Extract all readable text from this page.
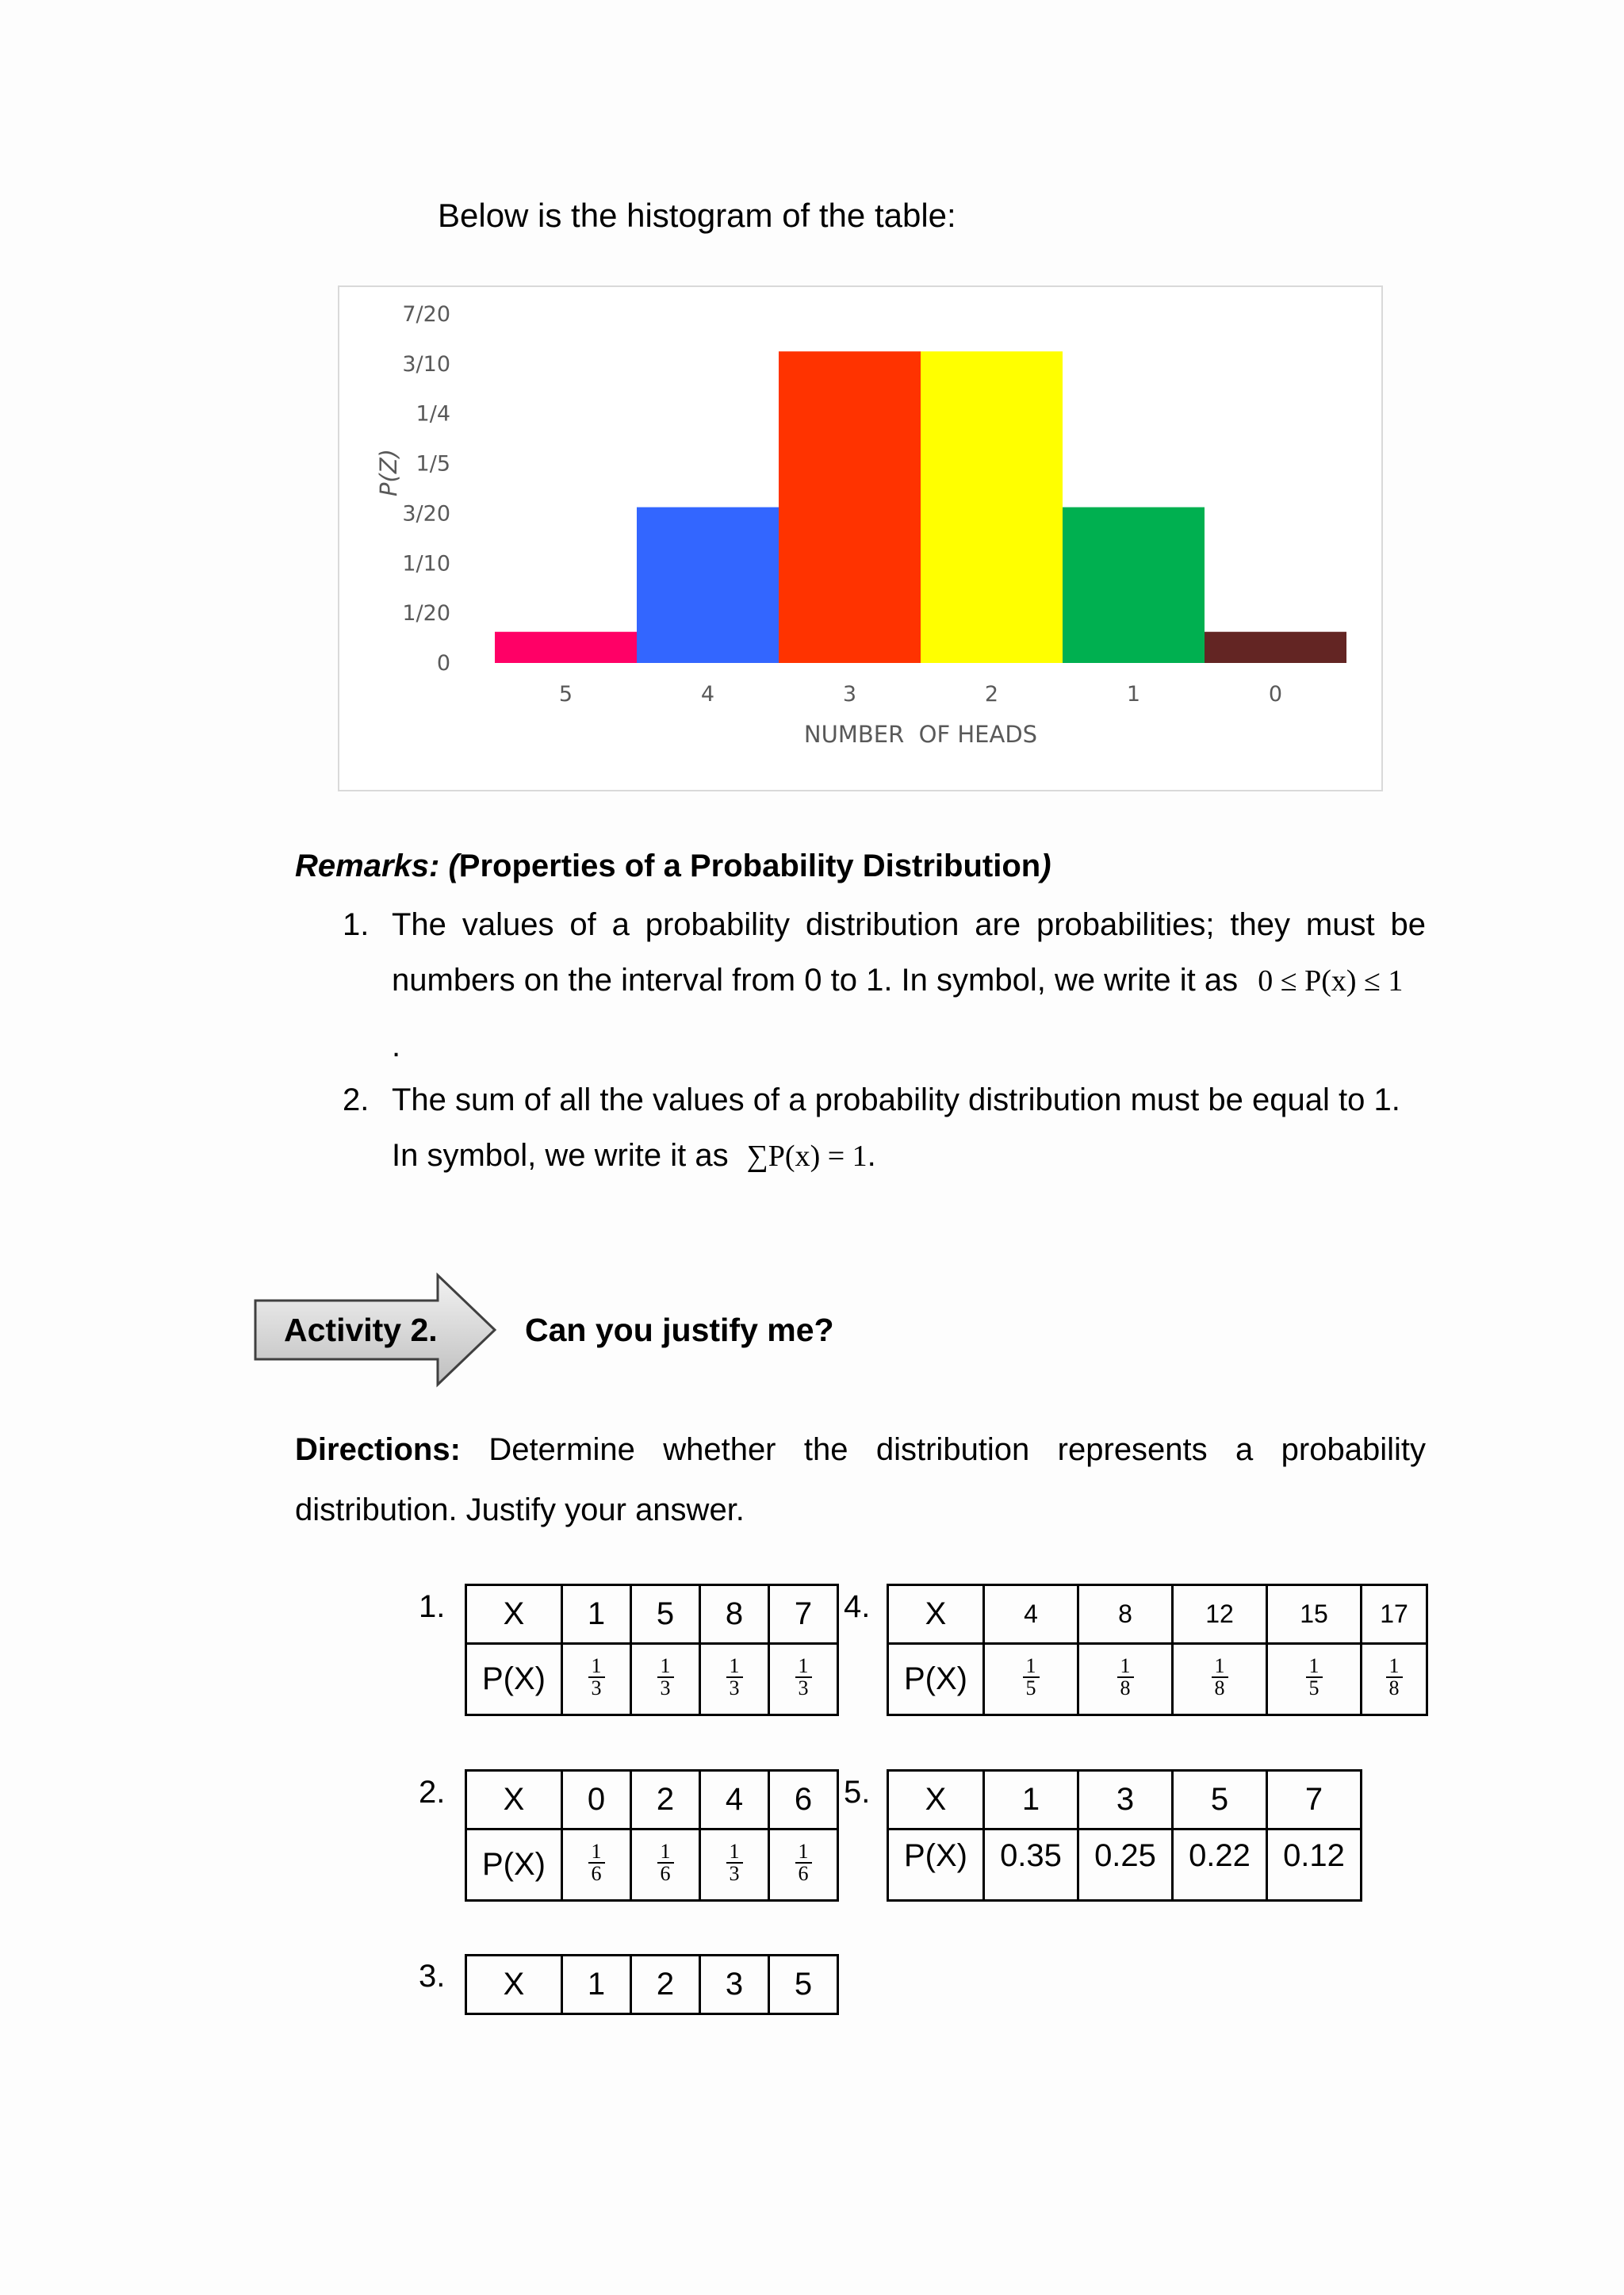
Below is the histogram of the table:
0
1/20
1/10
3/20
1/5
1/4
3/10
7/20
5	4	3	2	1	0
NUMBER  OF HEADS
P(Z)
Remarks: (Properties of a Probability Distribution)
1. The values of a probability distribution are probabilities; they must be
numbers on the interval from 0 to 1. In symbol, we write it as 0 ≤ P(x) ≤ 1
.
2. The sum of all the values of a probability distribution must be equal to 1.
In symbol, we write it as ∑P(x) = 1.
Activity 2.	Can you justify me?
Directions: Determine whether the distribution represents a probability distribution. Justify your answer.
1. X	1	5	8	7
P(X)	$\frac{1}{3}$	$\frac{1}{3}$	$\frac{1}{3}$	$\frac{1}{3}$
4. X	4	8	12	15	17
P(X)	$\frac{1}{5}$	$\frac{1}{8}$	$\frac{1}{8}$	$\frac{1}{5}$	$\frac{1}{8}$
2. X	0	2	4	6
P(X)	$\frac{1}{6}$	$\frac{1}{6}$	$\frac{1}{3}$	$\frac{1}{6}$
5. X	1	3	5	7
P(X)	0.35	0.25	0.22	0.12
3. X	1	2	3	5
